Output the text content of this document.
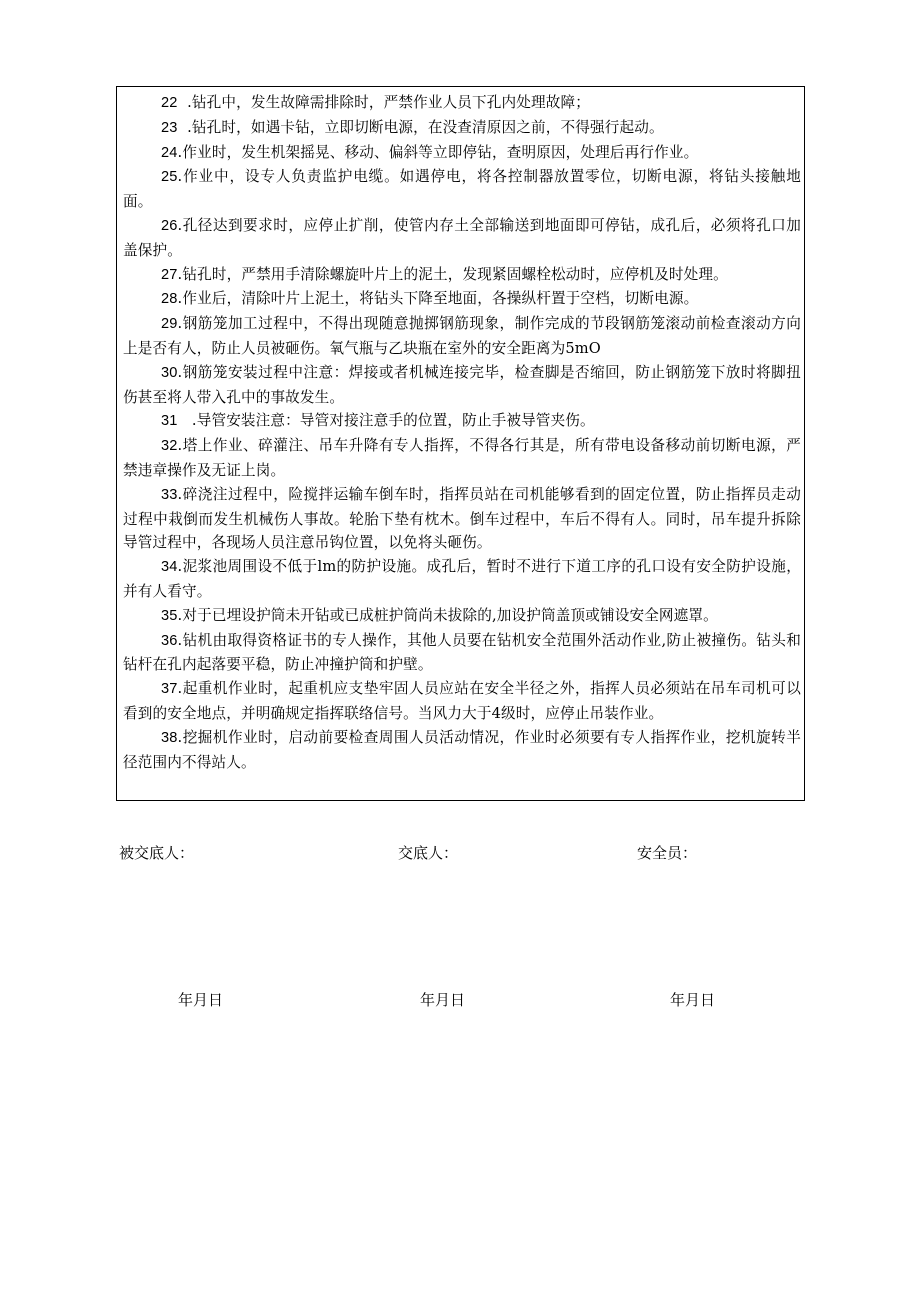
22  .钻孔中，发生故障需排除时，严禁作业人员下孔内处理故障；

23  .钻孔时，如遇卡钻，立即切断电源，在没查清原因之前，不得强行起动。

24.作业时，发生机架摇晃、移动、偏斜等立即停钻，查明原因，处理后再行作业。

25.作业中，设专人负责监护电缆。如遇停电，将各控制器放置零位，切断电源，将钻头接触地面。

26.孔径达到要求时，应停止扩削，使管内存土全部输送到地面即可停钻，成孔后，必须将孔口加盖保护。

27.钻孔时，严禁用手清除螺旋叶片上的泥土，发现紧固螺栓松动时，应停机及时处理。

28.作业后，清除叶片上泥土，将钻头下降至地面，各操纵杆置于空档，切断电源。

29.钢筋笼加工过程中，不得出现随意抛掷钢筋现象，制作完成的节段钢筋笼滚动前检查滚动方向上是否有人，防止人员被砸伤。氧气瓶与乙块瓶在室外的安全距离为5mO

30.钢筋笼安装过程中注意：焊接或者机械连接完毕，检查脚是否缩回，防止钢筋笼下放时将脚扭伤甚至将人带入孔中的事故发生。

31   .导管安装注意：导管对接注意手的位置，防止手被导管夹伤。

32.塔上作业、碎灌注、吊车升降有专人指挥，不得各行其是，所有带电设备移动前切断电源，严禁违章操作及无证上岗。

33.碎浇注过程中，险搅拌运输车倒车时，指挥员站在司机能够看到的固定位置，防止指挥员走动过程中栽倒而发生机械伤人事故。轮胎下垫有枕木。倒车过程中，车后不得有人。同时，吊车提升拆除导管过程中，各现场人员注意吊钩位置，以免将头砸伤。

34.泥浆池周围设不低于lm的防护设施。成孔后，暂时不进行下道工序的孔口设有安全防护设施，并有人看守。

35.对于已埋设护筒未开钻或已成桩护筒尚未拔除的,加设护筒盖顶或铺设安全网遮罩。

36.钻机由取得资格证书的专人操作，其他人员要在钻机安全范围外活动作业,防止被撞伤。钻头和钻杆在孔内起落要平稳，防止冲撞护筒和护壁。

37.起重机作业时，起重机应支垫牢固人员应站在安全半径之外，指挥人员必须站在吊车司机可以看到的安全地点，并明确规定指挥联络信号。当风力大于4级时，应停止吊装作业。

38.挖掘机作业时，启动前要检查周围人员活动情况，作业时必须要有专人指挥作业，挖机旋转半径范围内不得站人。

被交底人：	交底人：	安全员：
年月日	年月日	年月日
